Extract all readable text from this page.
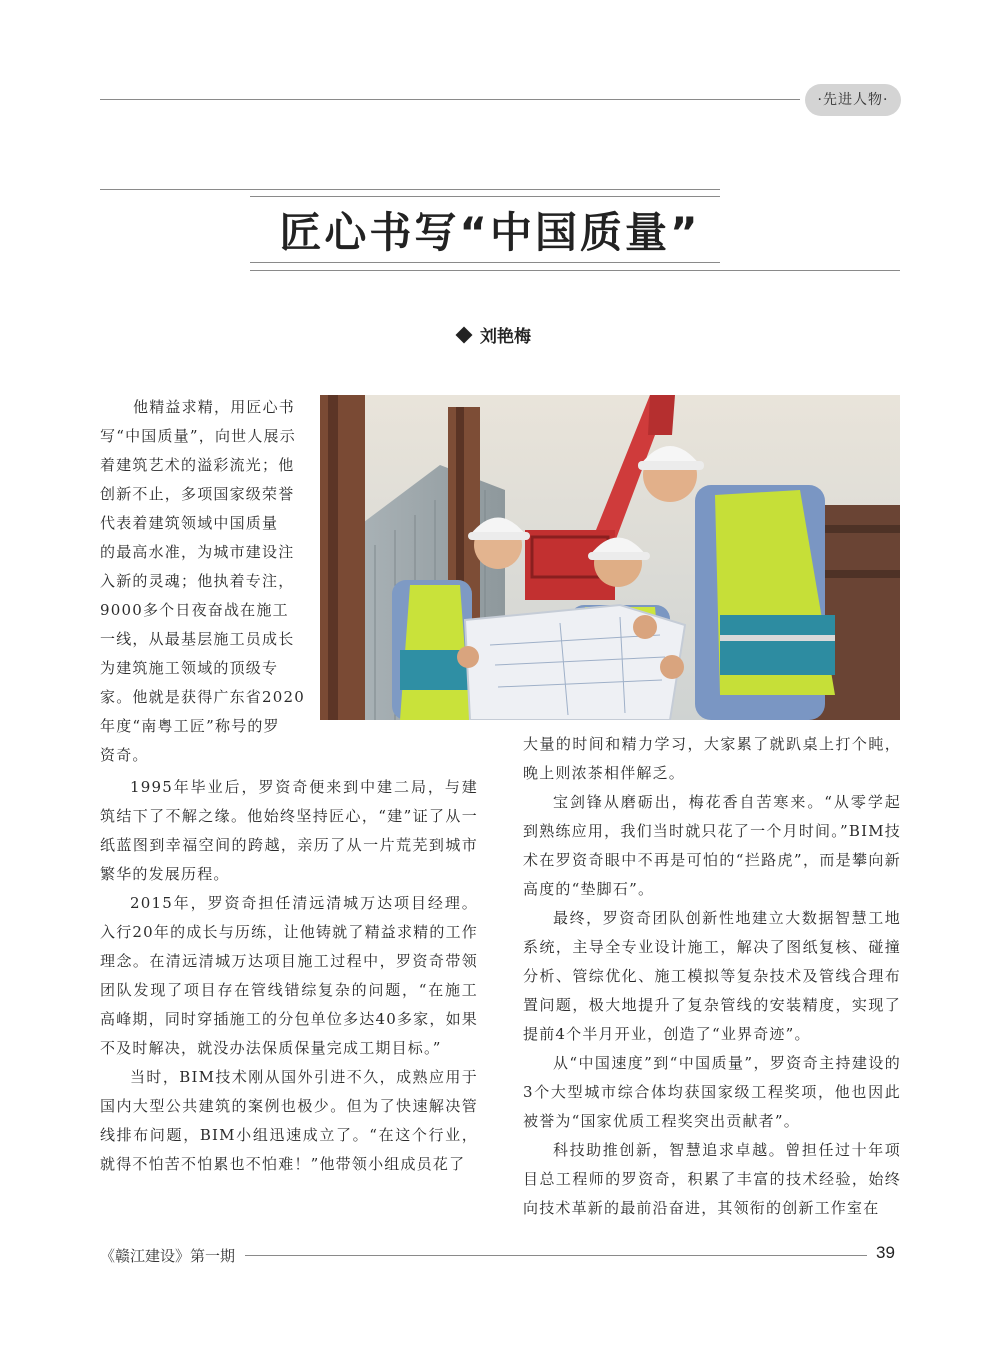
·先进人物·
匠心书写“中国质量”
刘艳梅

他精益求精，用匠心书

写“中国质量”，向世人展示

着建筑艺术的溢彩流光；他

创新不止，多项国家级荣誉

代表着建筑领域中国质量

的最高水准，为城市建设注

入新的灵魂；他执着专注，

9000多个日夜奋战在施工

一线，从最基层施工员成长

为建筑施工领域的顶级专

家。他就是获得广东省2020

年度“南粤工匠”称号的罗

资奇。

1995年毕业后，罗资奇便来到中建二局，与建筑结下了不解之缘。他始终坚持匠心，“建”证了从一纸蓝图到幸福空间的跨越，亲历了从一片荒芜到城市繁华的发展历程。

2015年，罗资奇担任清远清城万达项目经理。入行20年的成长与历练，让他铸就了精益求精的工作理念。在清远清城万达项目施工过程中，罗资奇带领团队发现了项目存在管线错综复杂的问题，“在施工高峰期，同时穿插施工的分包单位多达40多家，如果不及时解决，就没办法保质保量完成工期目标。”

当时，BIM技术刚从国外引进不久，成熟应用于国内大型公共建筑的案例也极少。但为了快速解决管线排布问题，BIM小组迅速成立了。“在这个行业，就得不怕苦不怕累也不怕难！”他带领小组成员花了

大量的时间和精力学习，大家累了就趴桌上打个盹，晚上则浓茶相伴解乏。

宝剑锋从磨砺出，梅花香自苦寒来。“从零学起到熟练应用，我们当时就只花了一个月时间。”BIM技术在罗资奇眼中不再是可怕的“拦路虎”，而是攀向新高度的“垫脚石”。

最终，罗资奇团队创新性地建立大数据智慧工地系统，主导全专业设计施工，解决了图纸复核、碰撞分析、管综优化、施工模拟等复杂技术及管线合理布置问题，极大地提升了复杂管线的安装精度，实现了提前4个半月开业，创造了“业界奇迹”。

从“中国速度”到“中国质量”，罗资奇主持建设的3个大型城市综合体均获国家级工程奖项，他也因此被誉为“国家优质工程奖突出贡献者”。

科技助推创新，智慧追求卓越。曾担任过十年项目总工程师的罗资奇，积累了丰富的技术经验，始终向技术革新的最前沿奋进，其领衔的创新工作室在

《赣江建设》第一期	39
